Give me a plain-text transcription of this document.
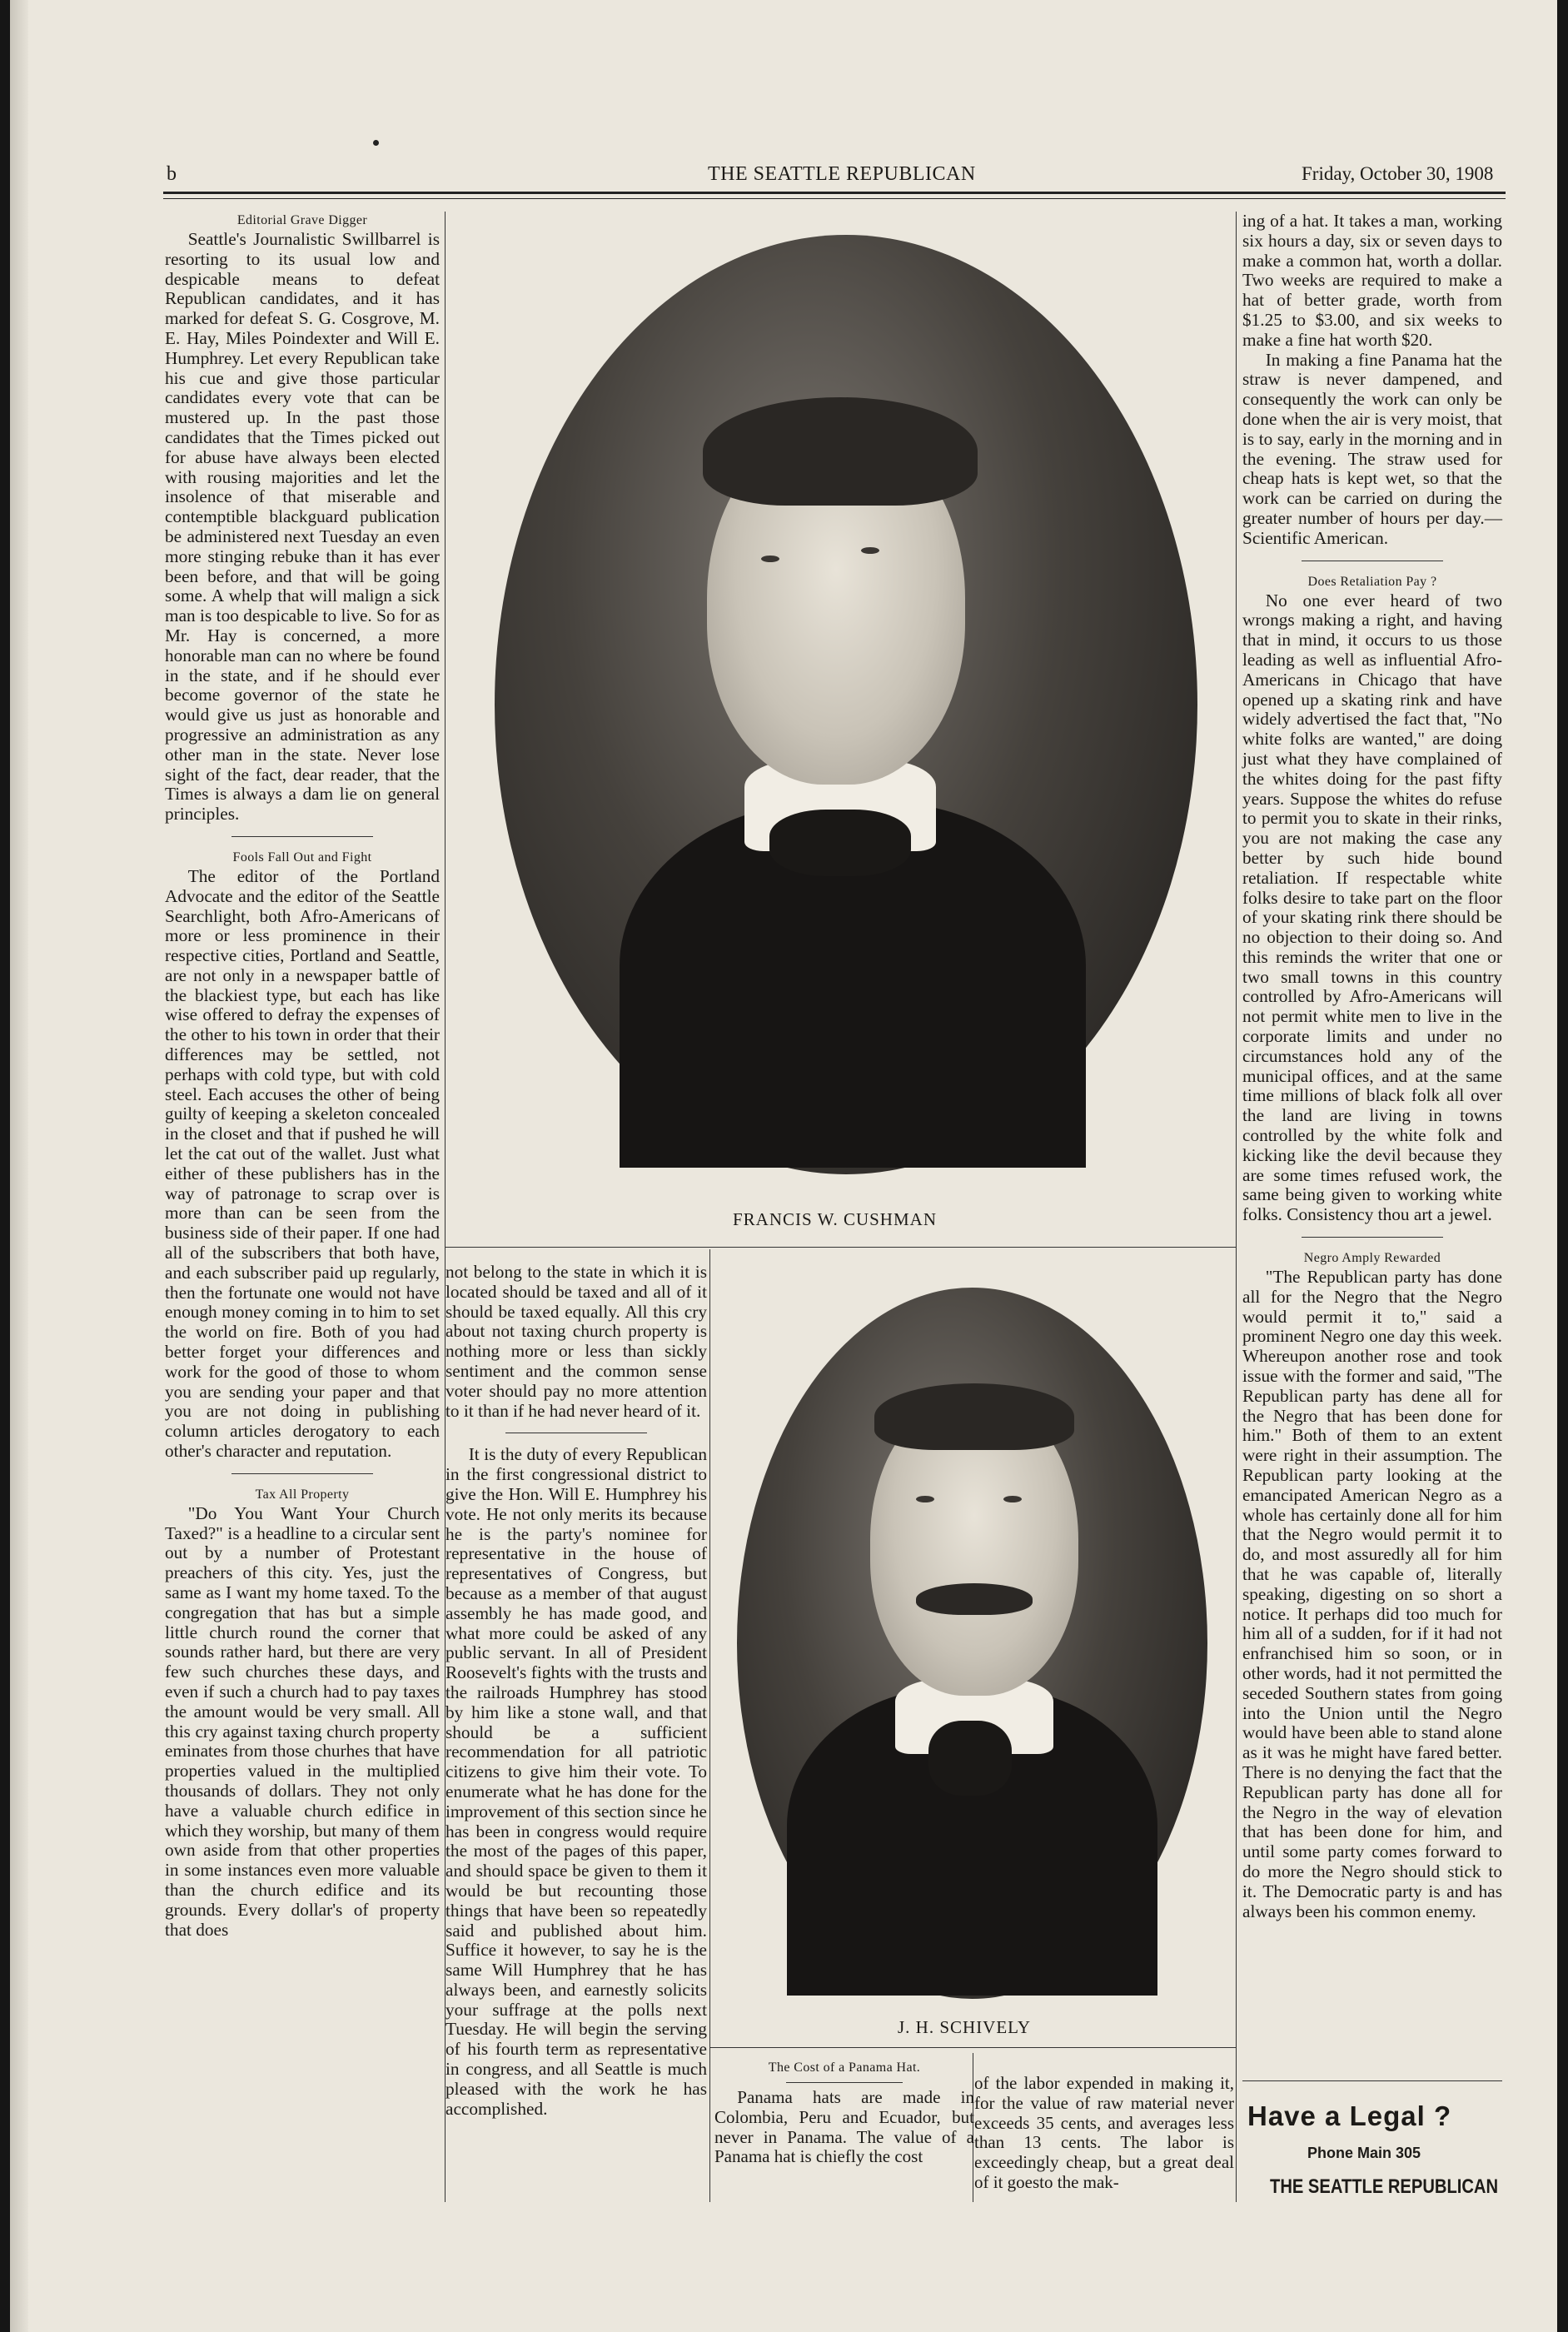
b	THE SEATTLE REPUBLICAN	Friday, October 30, 1908
Editorial Grave Digger

Seattle's Journalistic Swillbarrel is resorting to its usual low and despicable means to defeat Republican candidates, and it has marked for defeat S. G. Cosgrove, M. E. Hay, Miles Poindexter and Will E. Humphrey. Let every Republican take his cue and give those particular candidates every vote that can be mustered up. In the past those candidates that the Times picked out for abuse have always been elected with rousing majorities and let the insolence of that miserable and contemptible blackguard publication be administered next Tuesday an even more stinging rebuke than it has ever been before, and that will be going some. A whelp that will malign a sick man is too despicable to live. So for as Mr. Hay is concerned, a more honorable man can no where be found in the state, and if he should ever become governor of the state he would give us just as honorable and progressive an administration as any other man in the state. Never lose sight of the fact, dear reader, that the Times is always a dam lie on general principles.

Fools Fall Out and Fight

The editor of the Portland Advocate and the editor of the Seattle Searchlight, both Afro-Americans of more or less prominence in their respective cities, Portland and Seattle, are not only in a newspaper battle of the blackiest type, but each has like wise offered to defray the expenses of the other to his town in order that their differences may be settled, not perhaps with cold type, but with cold steel. Each accuses the other of being guilty of keeping a skeleton concealed in the closet and that if pushed he will let the cat out of the wallet. Just what either of these publishers has in the way of patronage to scrap over is more than can be seen from the business side of their paper. If one had all of the subscribers that both have, and each subscriber paid up regularly, then the fortunate one would not have enough money coming in to him to set the world on fire. Both of you had better forget your differences and work for the good of those to whom you are sending your paper and that you are not doing in publishing column articles derogatory to each other's character and reputation.

Tax All Property

"Do You Want Your Church Taxed?" is a headline to a circular sent out by a number of Protestant preachers of this city. Yes, just the same as I want my home taxed. To the congregation that has but a simple little church round the corner that sounds rather hard, but there are very few such churches these days, and even if such a church had to pay taxes the amount would be very small. All this cry against taxing church property eminates from those churhes that have properties valued in the multiplied thousands of dollars. They not only have a valuable church edifice in which they worship, but many of them own aside from that other properties in some instances even more valuable than the church edifice and its grounds. Every dollar's of property that does

FRANCIS W. CUSHMAN

not belong to the state in which it is located should be taxed and all of it should be taxed equally. All this cry about not taxing church property is nothing more or less than sickly sentiment and the common sense voter should pay no more attention to it than if he had never heard of it.

It is the duty of every Republican in the first congressional district to give the Hon. Will E. Humphrey his vote. He not only merits its because he is the party's nominee for representative in the house of representatives of Congress, but because as a member of that august assembly he has made good, and what more could be asked of any public servant. In all of President Roosevelt's fights with the trusts and the railroads Humphrey has stood by him like a stone wall, and that should be a sufficient recommendation for all patriotic citizens to give him their vote. To enumerate what he has done for the improvement of this section since he has been in congress would require the most of the pages of this paper, and should space be given to them it would be but recounting those things that have been so repeatedly said and published about him. Suffice it however, to say he is the same Will Humphrey that he has always been, and earnestly solicits your suffrage at the polls next Tuesday. He will begin the serving of his fourth term as representative in congress, and all Seattle is much pleased with the work he has accomplished.

J. H. SCHIVELY
The Cost of a Panama Hat.

Panama hats are made in Colombia, Peru and Ecuador, but never in Panama. The value of a Panama hat is chiefly the cost

of the labor expended in making it, for the value of raw material never exceeds 35 cents, and averages less than 13 cents. The labor is exceedingly cheap, but a great deal of it goesto the mak-

ing of a hat. It takes a man, working six hours a day, six or seven days to make a common hat, worth a dollar. Two weeks are required to make a hat of better grade, worth from $1.25 to $3.00, and six weeks to make a fine hat worth $20.

In making a fine Panama hat the straw is never dampened, and consequently the work can only be done when the air is very moist, that is to say, early in the morning and in the evening. The straw used for cheap hats is kept wet, so that the work can be carried on during the greater number of hours per day.—Scientific American.

Does Retaliation Pay ?

No one ever heard of two wrongs making a right, and having that in mind, it occurs to us those leading as well as influential Afro-Americans in Chicago that have opened up a skating rink and have widely advertised the fact that, "No white folks are wanted," are doing just what they have complained of the whites doing for the past fifty years. Suppose the whites do refuse to permit you to skate in their rinks, you are not making the case any better by such hide bound retaliation. If respectable white folks desire to take part on the floor of your skating rink there should be no objection to their doing so. And this reminds the writer that one or two small towns in this country controlled by Afro-Americans will not permit white men to live in the corporate limits and under no circumstances hold any of the municipal offices, and at the same time millions of black folk all over the land are living in towns controlled by the white folk and kicking like the devil because they are some times refused work, the same being given to working white folks. Consistency thou art a jewel.

Negro Amply Rewarded

"The Republican party has done all for the Negro that the Negro would permit it to," said a prominent Negro one day this week. Whereupon another rose and took issue with the former and said, "The Republican party has dene all for the Negro that has been done for him." Both of them to an extent were right in their assumption. The Republican party looking at the emancipated American Negro as a whole has certainly done all for him that the Negro would permit it to do, and most assuredly all for him that he was capable of, literally speaking, digesting on so short a notice. It perhaps did too much for him all of a sudden, for if it had not enfranchised him so soon, or in other words, had it not permitted the seceded Southern states from going into the Union until the Negro would have been able to stand alone as it was he might have fared better. There is no denying the fact that the Republican party has done all for the Negro in the way of elevation that has been done for him, and until some party comes forward to do more the Negro should stick to it. The Democratic party is and has always been his common enemy.

Have a Legal ?
Phone Main 305
THE SEATTLE REPUBLICAN
